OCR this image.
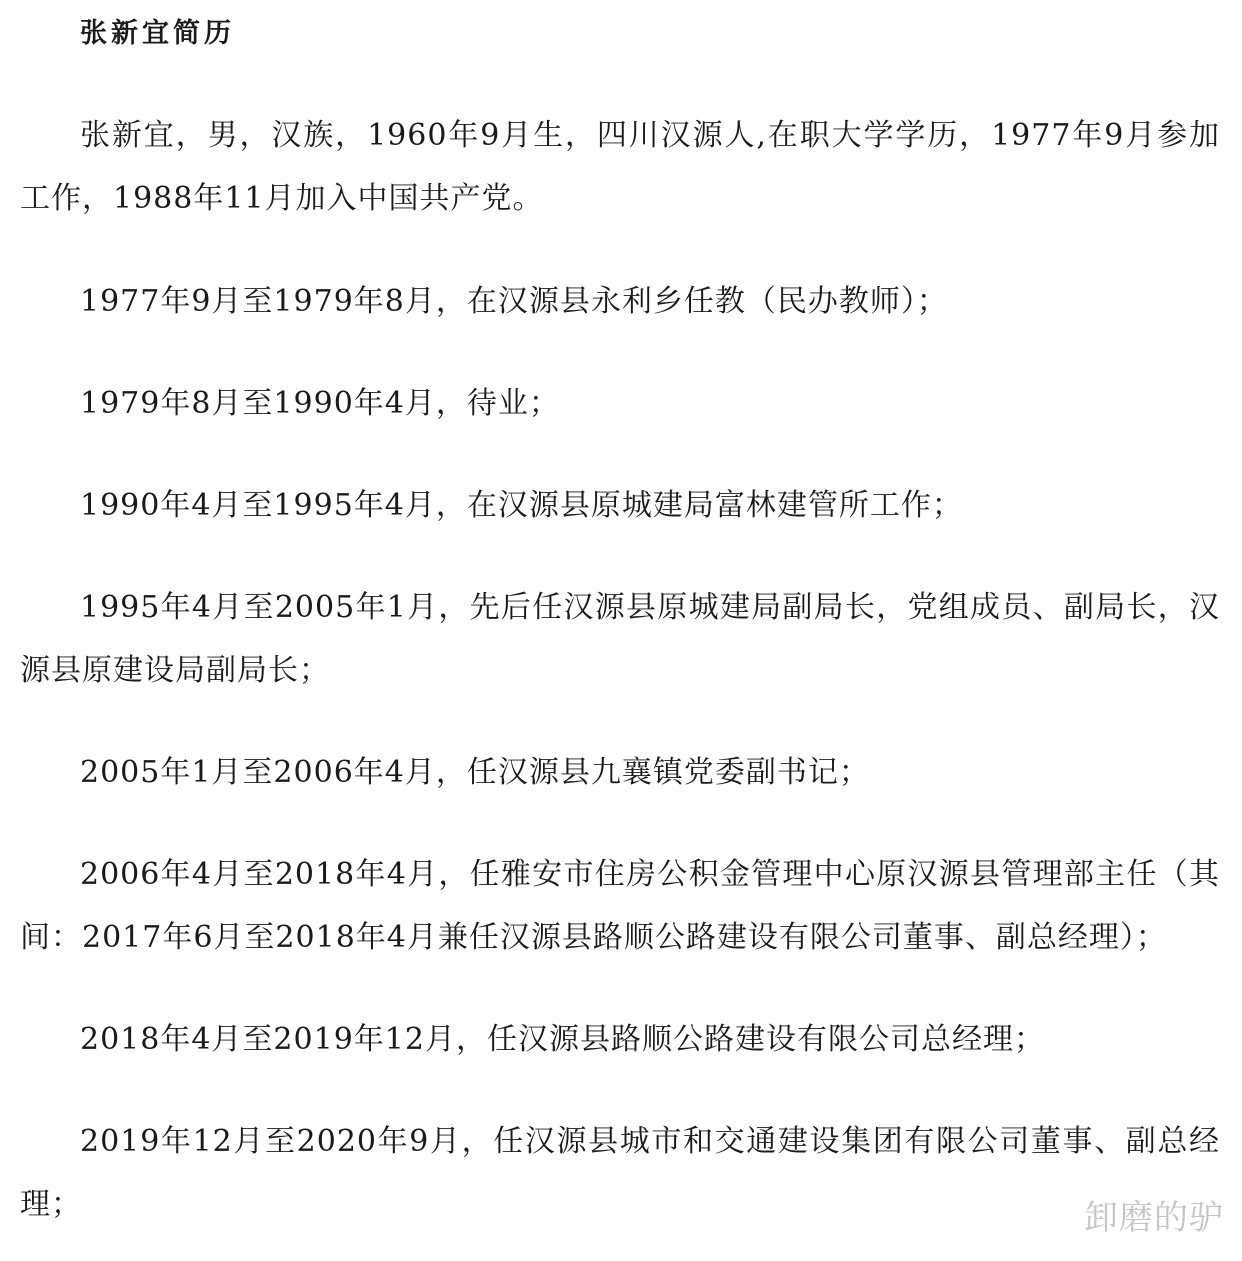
张新宜简历

张新宜，男，汉族，1960年9月生，四川汉源人,在职大学学历，1977年9月参加工作，1988年11月加入中国共产党。

1977年9月至1979年8月，在汉源县永利乡任教（民办教师）；

1979年8月至1990年4月，待业；

1990年4月至1995年4月，在汉源县原城建局富林建管所工作；

1995年4月至2005年1月，先后任汉源县原城建局副局长，党组成员、副局长，汉源县原建设局副局长；

2005年1月至2006年4月，任汉源县九襄镇党委副书记；

2006年4月至2018年4月，任雅安市住房公积金管理中心原汉源县管理部主任（其间：2017年6月至2018年4月兼任汉源县路顺公路建设有限公司董事、副总经理）；

2018年4月至2019年12月，任汉源县路顺公路建设有限公司总经理；

2019年12月至2020年9月，任汉源县城市和交通建设集团有限公司董事、副总经理；	卸磨的驴
